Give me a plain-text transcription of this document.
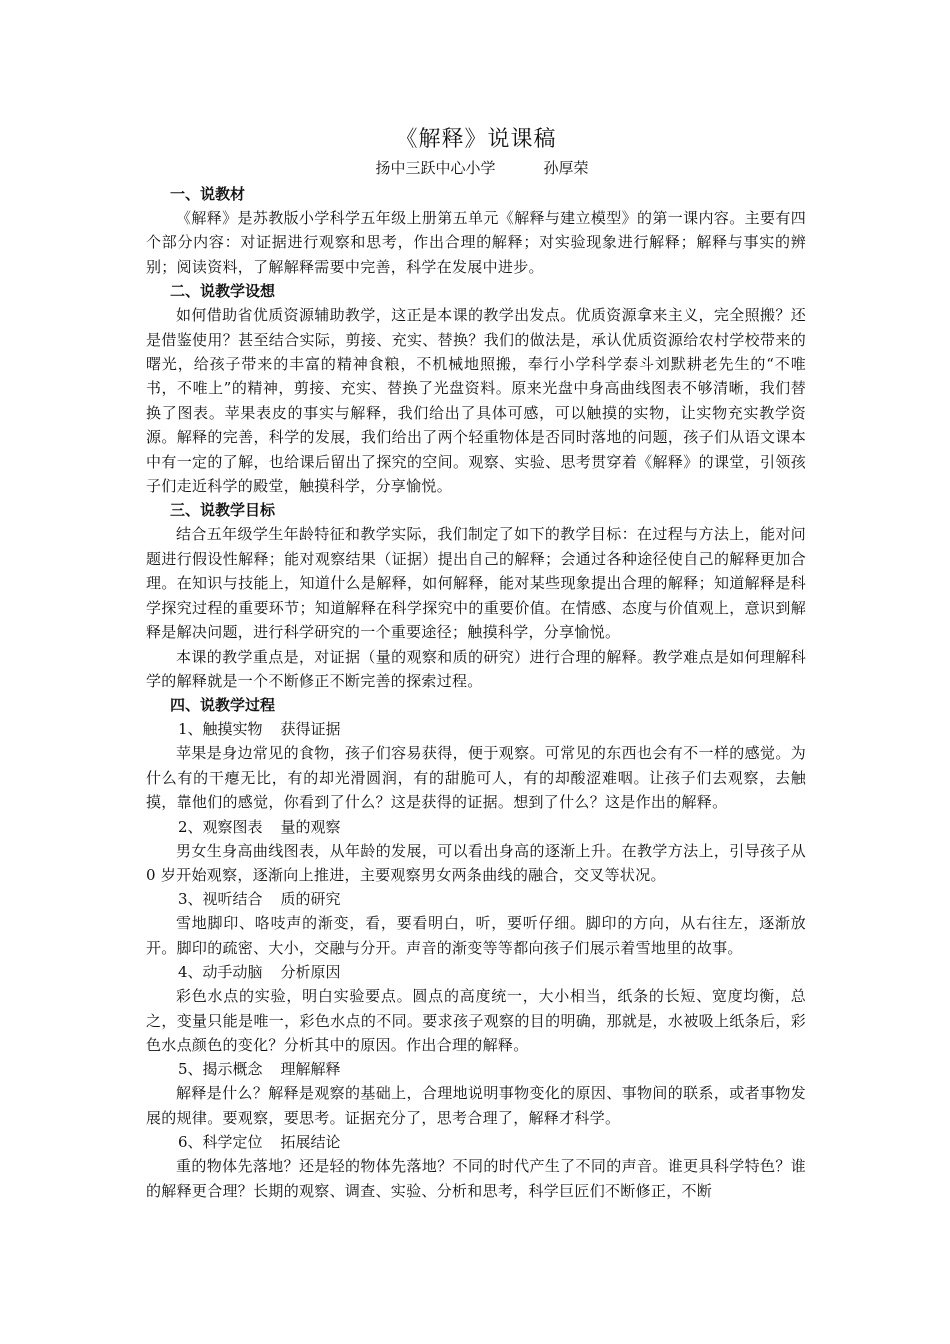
《解释》说课稿

扬中三跃中心小学	孙厚荣

一、说教材

《解释》是苏教版小学科学五年级上册第五单元《解释与建立模型》的第一课内容。主要有四个部分内容：对证据进行观察和思考，作出合理的解释；对实验现象进行解释；解释与事实的辨别；阅读资料，了解解释需要中完善，科学在发展中进步。

二、说教学设想

如何借助省优质资源辅助教学，这正是本课的教学出发点。优质资源拿来主义，完全照搬？还是借鉴使用？甚至结合实际，剪接、充实、替换？我们的做法是，承认优质资源给农村学校带来的曙光，给孩子带来的丰富的精神食粮，不机械地照搬，奉行小学科学泰斗刘默耕老先生的“不唯书，不唯上”的精神，剪接、充实、替换了光盘资料。原来光盘中身高曲线图表不够清晰，我们替换了图表。苹果表皮的事实与解释，我们给出了具体可感，可以触摸的实物，让实物充实教学资源。解释的完善，科学的发展，我们给出了两个轻重物体是否同时落地的问题，孩子们从语文课本中有一定的了解，也给课后留出了探究的空间。观察、实验、思考贯穿着《解释》的课堂，引领孩子们走近科学的殿堂，触摸科学，分享愉悦。

三、说教学目标

结合五年级学生年龄特征和教学实际，我们制定了如下的教学目标：在过程与方法上，能对问题进行假设性解释；能对观察结果（证据）提出自己的解释；会通过各种途径使自己的解释更加合理。在知识与技能上，知道什么是解释，如何解释，能对某些现象提出合理的解释；知道解释是科学探究过程的重要环节；知道解释在科学探究中的重要价值。在情感、态度与价值观上，意识到解释是解决问题，进行科学研究的一个重要途径；触摸科学，分享愉悦。

本课的教学重点是，对证据（量的观察和质的研究）进行合理的解释。教学难点是如何理解科学的解释就是一个不断修正不断完善的探索过程。

四、说教学过程

1、触摸实物 获得证据

苹果是身边常见的食物，孩子们容易获得，便于观察。可常见的东西也会有不一样的感觉。为什么有的干瘪无比，有的却光滑圆润，有的甜脆可人，有的却酸涩难咽。让孩子们去观察，去触摸，靠他们的感觉，你看到了什么？这是获得的证据。想到了什么？这是作出的解释。

2、观察图表 量的观察

男女生身高曲线图表，从年龄的发展，可以看出身高的逐渐上升。在教学方法上，引导孩子从 0 岁开始观察，逐渐向上推进，主要观察男女两条曲线的融合，交叉等状况。

3、视听结合 质的研究

雪地脚印、咯吱声的渐变，看，要看明白，听，要听仔细。脚印的方向，从右往左，逐渐放开。脚印的疏密、大小，交融与分开。声音的渐变等等都向孩子们展示着雪地里的故事。

4、动手动脑 分析原因

彩色水点的实验，明白实验要点。圆点的高度统一，大小相当，纸条的长短、宽度均衡，总之，变量只能是唯一，彩色水点的不同。要求孩子观察的目的明确，那就是，水被吸上纸条后，彩色水点颜色的变化？分析其中的原因。作出合理的解释。

5、揭示概念 理解解释

解释是什么？解释是观察的基础上，合理地说明事物变化的原因、事物间的联系，或者事物发展的规律。要观察，要思考。证据充分了，思考合理了，解释才科学。

6、科学定位 拓展结论

重的物体先落地？还是轻的物体先落地？不同的时代产生了不同的声音。谁更具科学特色？谁的解释更合理？长期的观察、调查、实验、分析和思考，科学巨匠们不断修正，不断
